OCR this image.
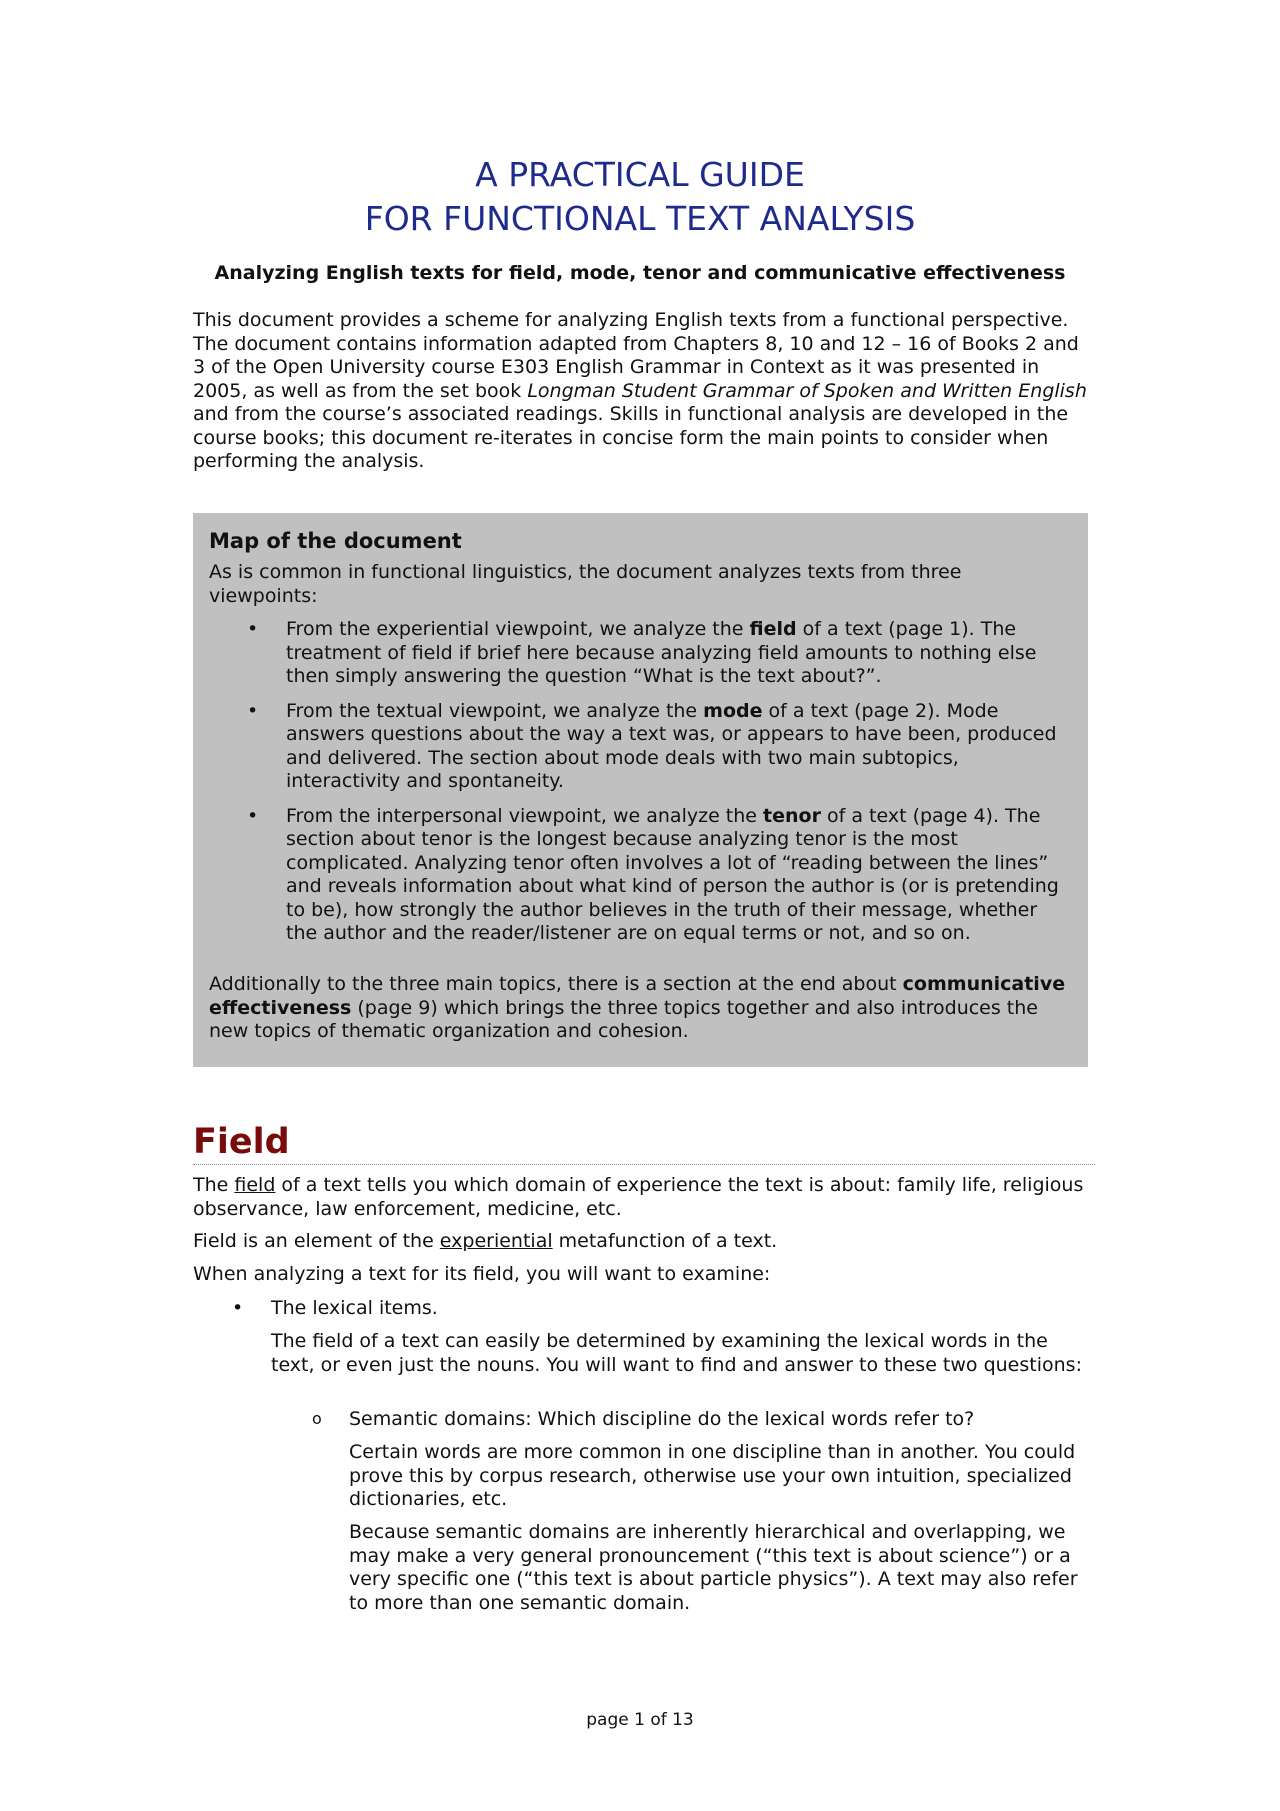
A PRACTICAL GUIDE
FOR FUNCTIONAL TEXT ANALYSIS
Analyzing English texts for field, mode, tenor and communicative effectiveness
This document provides a scheme for analyzing English texts from a functional perspective. The document contains information adapted from Chapters 8, 10 and 12 – 16 of Books 2 and 3 of the Open University course E303 English Grammar in Context as it was presented in 2005, as well as from the set book Longman Student Grammar of Spoken and Written English and from the course’s associated readings. Skills in functional analysis are developed in the course books; this document re-iterates in concise form the main points to consider when performing the analysis.
Map of the document
As is common in functional linguistics, the document analyzes texts from three viewpoints:
• From the experiential viewpoint, we analyze the field of a text (page 1). The treatment of field if brief here because analyzing field amounts to nothing else then simply answering the question “What is the text about?”.
• From the textual viewpoint, we analyze the mode of a text (page 2). Mode answers questions about the way a text was, or appears to have been, produced and delivered. The section about mode deals with two main subtopics, interactivity and spontaneity.
• From the interpersonal viewpoint, we analyze the tenor of a text (page 4). The section about tenor is the longest because analyzing tenor is the most complicated. Analyzing tenor often involves a lot of “reading between the lines” and reveals information about what kind of person the author is (or is pretending to be), how strongly the author believes in the truth of their message, whether the author and the reader/listener are on equal terms or not, and so on.
Additionally to the three main topics, there is a section at the end about communicative effectiveness (page 9) which brings the three topics together and also introduces the new topics of thematic organization and cohesion.
Field
The field of a text tells you which domain of experience the text is about: family life, religious observance, law enforcement, medicine, etc.
Field is an element of the experiential metafunction of a text.
When analyzing a text for its field, you will want to examine:
• The lexical items.
The field of a text can easily be determined by examining the lexical words in the text, or even just the nouns. You will want to find and answer to these two questions:
o Semantic domains: Which discipline do the lexical words refer to?
Certain words are more common in one discipline than in another. You could prove this by corpus research, otherwise use your own intuition, specialized dictionaries, etc.
Because semantic domains are inherently hierarchical and overlapping, we may make a very general pronouncement (“this text is about science”) or a very specific one (“this text is about particle physics”). A text may also refer to more than one semantic domain.
page 1 of 13
